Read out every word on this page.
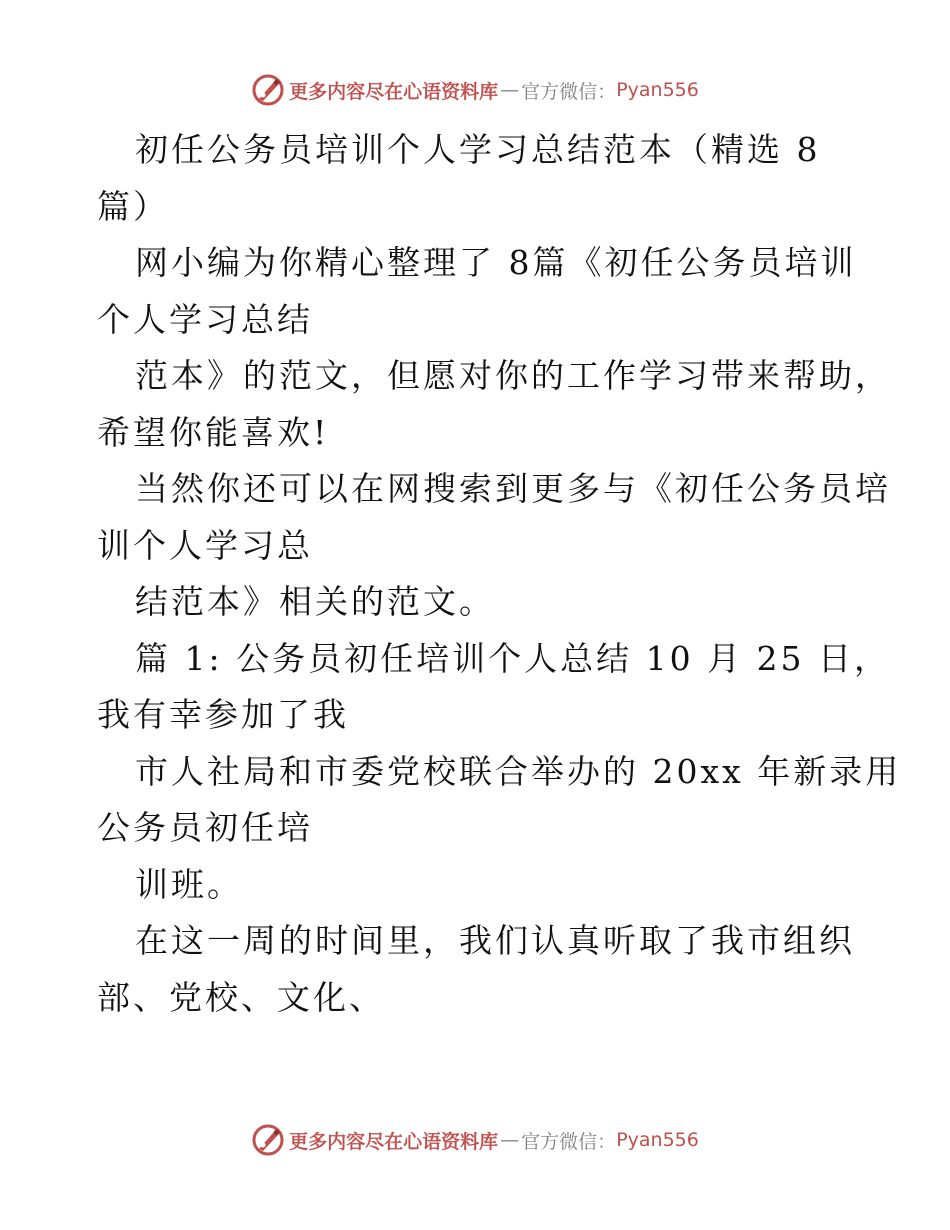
更多内容尽在心语资料库 — 官方微信： Pyan556
初任公务员培训个人学习总结范本（精选 8
篇）
网小编为你精心整理了 8篇《初任公务员培训
个人学习总结
范本》的范文，但愿对你的工作学习带来帮助，
希望你能喜欢!
当然你还可以在网搜索到更多与《初任公务员培
训个人学习总
结范本》相关的范文。
篇 1: 公务员初任培训个人总结 10 月 25 日，
我有幸参加了我
市人社局和市委党校联合举办的 20xx 年新录用
公务员初任培
训班。
在这一周的时间里，我们认真听取了我市组织
部、党校、文化、
更多内容尽在心语资料库 — 官方微信： Pyan556
